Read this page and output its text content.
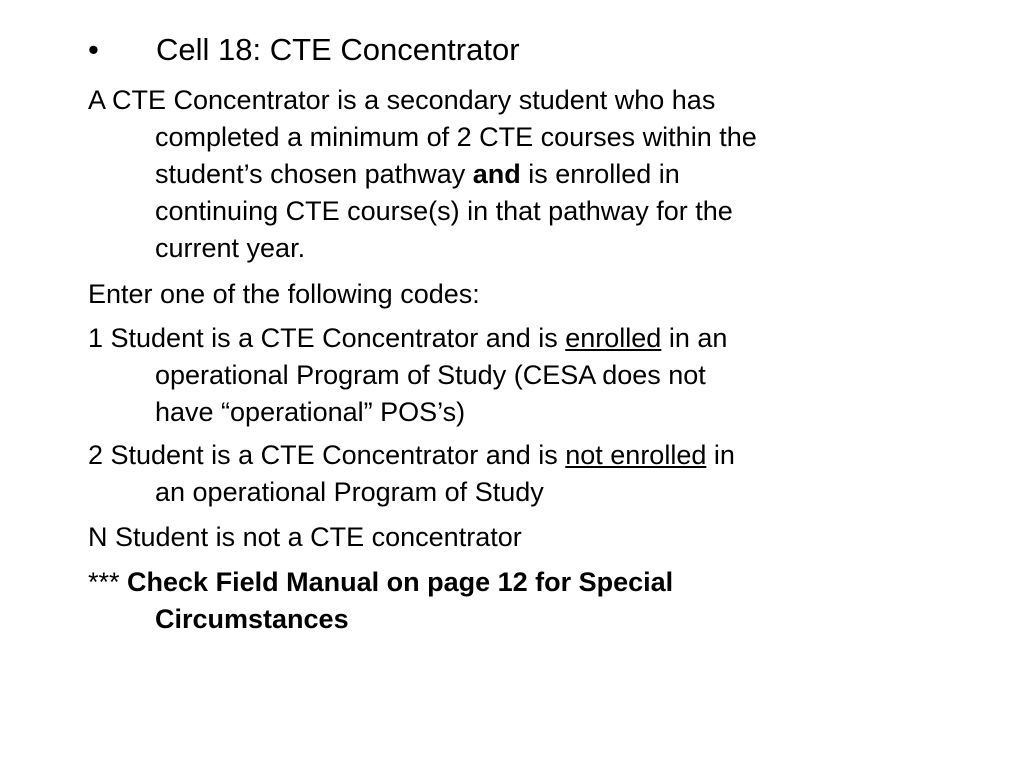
• Cell 18: CTE Concentrator
A CTE Concentrator is a secondary student who has
completed a minimum of 2 CTE courses within the
student’s chosen pathway and is enrolled in
continuing CTE course(s) in that pathway for the
current year.
Enter one of the following codes:
1 Student is a CTE Concentrator and is enrolled in an
operational Program of Study (CESA does not
have “operational” POS’s)
2 Student is a CTE Concentrator and is not enrolled in
an operational Program of Study
N Student is not a CTE concentrator
*** Check Field Manual on page 12 for Special
Circumstances
